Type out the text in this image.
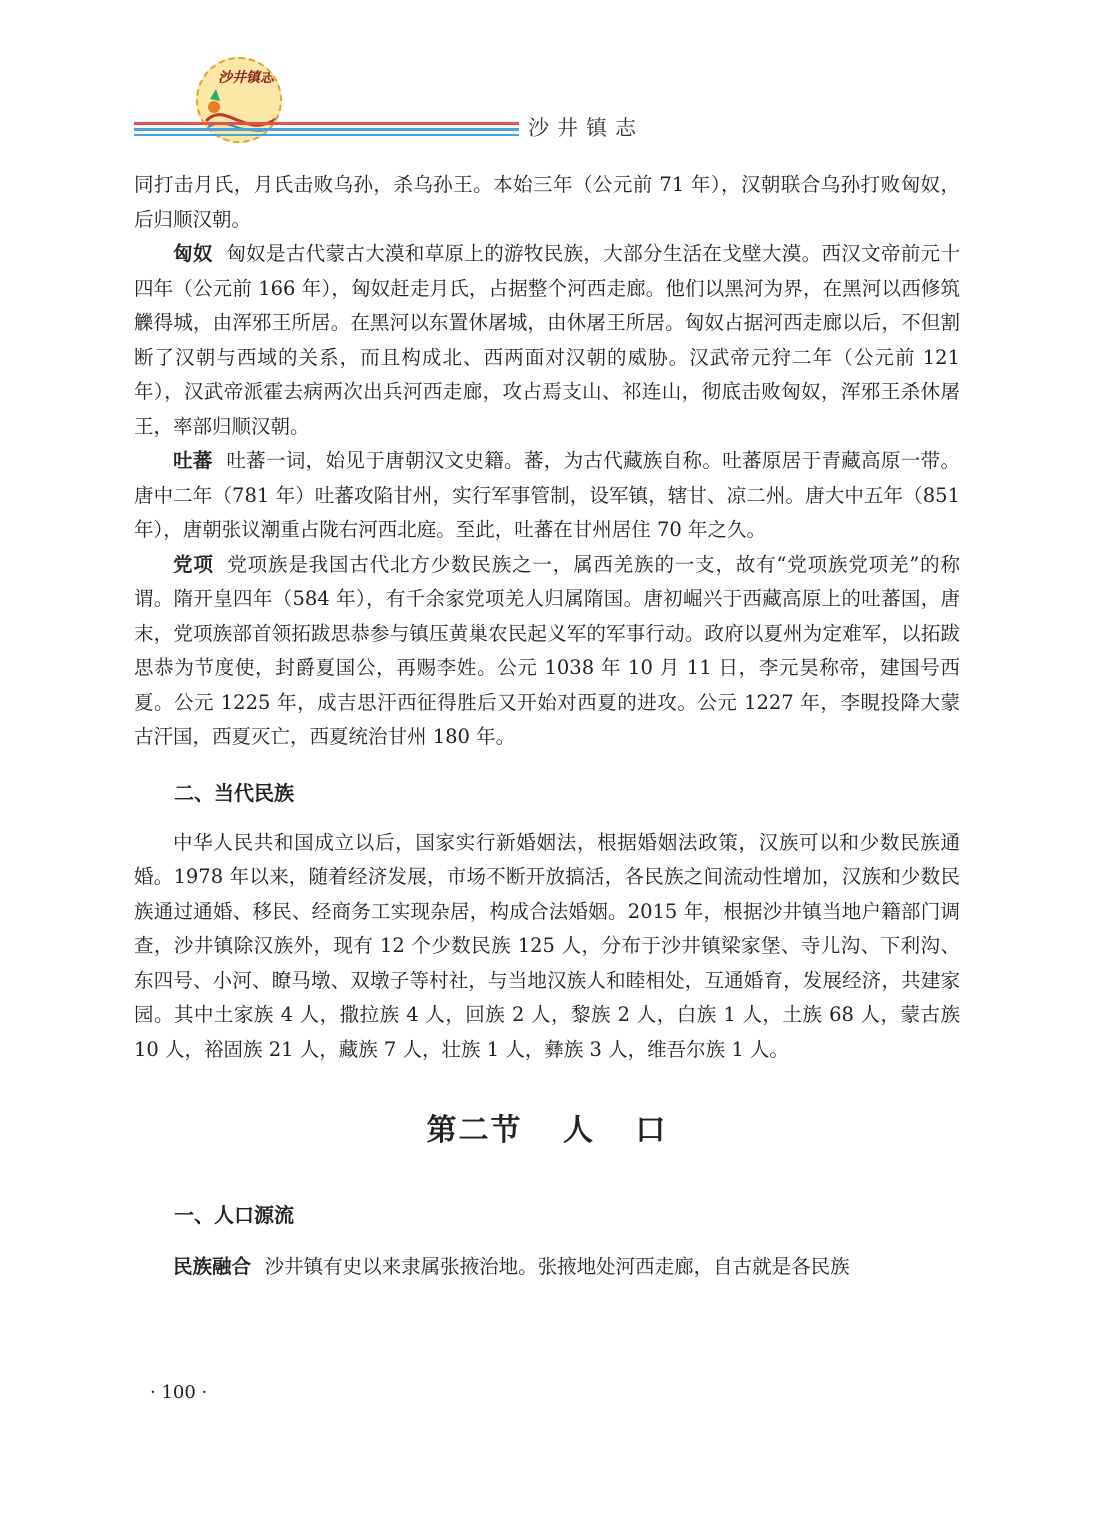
沙井镇志
沙井镇志

同打击月氏，月氏击败乌孙，杀乌孙王。本始三年（公元前 71 年），汉朝联合乌孙打败匈奴，后归顺汉朝。

匈奴 匈奴是古代蒙古大漠和草原上的游牧民族，大部分生活在戈壁大漠。西汉文帝前元十四年（公元前 166 年），匈奴赶走月氏，占据整个河西走廊。他们以黑河为界，在黑河以西修筑觻得城，由浑邪王所居。在黑河以东置休屠城，由休屠王所居。匈奴占据河西走廊以后，不但割断了汉朝与西域的关系，而且构成北、西两面对汉朝的威胁。汉武帝元狩二年（公元前 121 年），汉武帝派霍去病两次出兵河西走廊，攻占焉支山、祁连山，彻底击败匈奴，浑邪王杀休屠王，率部归顺汉朝。

吐蕃 吐蕃一词，始见于唐朝汉文史籍。蕃，为古代藏族自称。吐蕃原居于青藏高原一带。唐中二年（781 年）吐蕃攻陷甘州，实行军事管制，设军镇，辖甘、凉二州。唐大中五年（851 年），唐朝张议潮重占陇右河西北庭。至此，吐蕃在甘州居住 70 年之久。

党项 党项族是我国古代北方少数民族之一，属西羌族的一支，故有“党项族党项羌”的称谓。隋开皇四年（584 年），有千余家党项羌人归属隋国。唐初崛兴于西藏高原上的吐蕃国，唐末，党项族部首领拓跋思恭参与镇压黄巢农民起义军的军事行动。政府以夏州为定难军，以拓跋思恭为节度使，封爵夏国公，再赐李姓。公元 1038 年 10 月 11 日，李元昊称帝，建国号西夏。公元 1225 年，成吉思汗西征得胜后又开始对西夏的进攻。公元 1227 年，李睍投降大蒙古汗国，西夏灭亡，西夏统治甘州 180 年。

二、当代民族

中华人民共和国成立以后，国家实行新婚姻法，根据婚姻法政策，汉族可以和少数民族通婚。1978 年以来，随着经济发展，市场不断开放搞活，各民族之间流动性增加，汉族和少数民族通过通婚、移民、经商务工实现杂居，构成合法婚姻。2015 年，根据沙井镇当地户籍部门调查，沙井镇除汉族外，现有 12 个少数民族 125 人，分布于沙井镇梁家堡、寺儿沟、下利沟、东四号、小河、瞭马墩、双墩子等村社，与当地汉族人和睦相处，互通婚育，发展经济，共建家园。其中土家族 4 人，撒拉族 4 人，回族 2 人，黎族 2 人，白族 1 人，土族 68 人，蒙古族 10 人，裕固族 21 人，藏族 7 人，壮族 1 人，彝族 3 人，维吾尔族 1 人。

第二节 人 口
一、人口源流

民族融合 沙井镇有史以来隶属张掖治地。张掖地处河西走廊，自古就是各民族

· 100 ·
